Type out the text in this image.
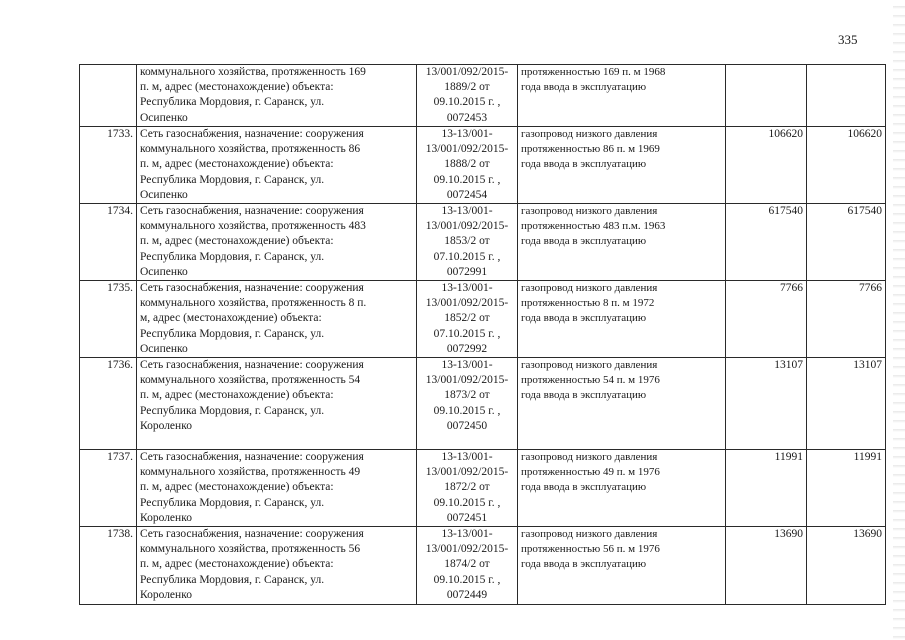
335

	коммунального хозяйства, протяженность 169
п. м, адрес (местонахождение) объекта:
Республика Мордовия, г. Саранск, ул.
Осипенко	13/001/092/2015-
1889/2 от
09.10.2015 г. ,
0072453	протяженностью 169 п. м 1968
года ввода в эксплуатацию		

1733.	Сеть газоснабжения, назначение: сооружения
коммунального хозяйства, протяженность 86
п. м, адрес (местонахождение) объекта:
Республика Мордовия, г. Саранск, ул.
Осипенко	13-13/001-
13/001/092/2015-
1888/2 от
09.10.2015 г. ,
0072454	газопровод низкого давления
протяженностью 86 п. м 1969
года ввода в эксплуатацию	106620	106620
1734.	Сеть газоснабжения, назначение: сооружения
коммунального хозяйства, протяженность 483
п. м, адрес (местонахождение) объекта:
Республика Мордовия, г. Саранск, ул.
Осипенко	13-13/001-
13/001/092/2015-
1853/2 от
07.10.2015 г. ,
0072991	газопровод низкого давления
протяженностью 483 п.м. 1963
года ввода в эксплуатацию	617540	617540
1735.	Сеть газоснабжения, назначение: сооружения
коммунального хозяйства, протяженность 8 п.
м, адрес (местонахождение) объекта:
Республика Мордовия, г. Саранск, ул.
Осипенко	13-13/001-
13/001/092/2015-
1852/2 от
07.10.2015 г. ,
0072992	газопровод низкого давления
протяженностью 8 п. м 1972
года ввода в эксплуатацию	7766	7766
1736.	Сеть газоснабжения, назначение: сооружения
коммунального хозяйства, протяженность 54
п. м, адрес (местонахождение) объекта:
Республика Мордовия, г. Саранск, ул.
Короленко	13-13/001-
13/001/092/2015-
1873/2 от
09.10.2015 г. ,
0072450	газопровод низкого давления
протяженностью 54 п. м 1976
года ввода в эксплуатацию	13107	13107
1737.	Сеть газоснабжения, назначение: сооружения
коммунального хозяйства, протяженность 49
п. м, адрес (местонахождение) объекта:
Республика Мордовия, г. Саранск, ул.
Короленко	13-13/001-
13/001/092/2015-
1872/2 от
09.10.2015 г. ,
0072451	газопровод низкого давления
протяженностью 49 п. м 1976
года ввода в эксплуатацию	11991	11991
1738.	Сеть газоснабжения, назначение: сооружения
коммунального хозяйства, протяженность 56
п. м, адрес (местонахождение) объекта:
Республика Мордовия, г. Саранск, ул.
Короленко	13-13/001-
13/001/092/2015-
1874/2 от
09.10.2015 г. ,
0072449	газопровод низкого давления
протяженностью 56 п. м 1976
года ввода в эксплуатацию	13690	13690
